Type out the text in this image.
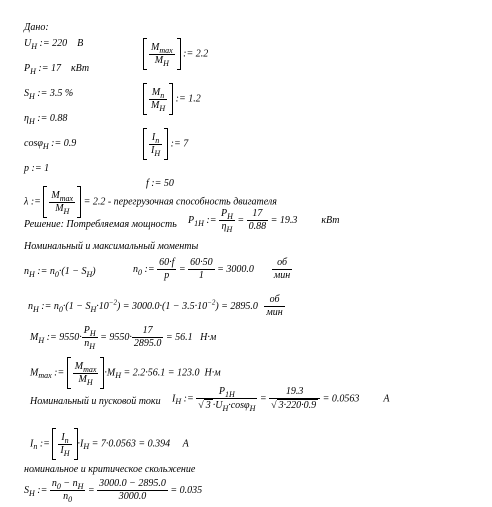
Дано:
$U_H$ := 220 B
$P_H$ := 17 кВт
$S_H$ := 3.5 %
$\eta_H$ := 0.88
cosφ$_H$ := 0.9
p := 1
$\frac{M_{max}}{M_H}$ := 2.2
$\frac{M_n}{M_H}$ := 1.2
$\frac{I_n}{I_H}$ := 7
f := 50
λ := $\frac{M_{max}}{M_H} = 2.2$ - перегрузочная способность двигателя
Решение: Потребляемая мощность $P_{1H}$ := $\frac{P_H}{\eta_H} = \frac{17}{0.88} = 19.3$ кВт
Номинальный и максимальный моменты
$n_H$ := $n_0\cdot(1 - S_H)$	$n_0$ := $\frac{60\cdot f}{p} = \frac{60\cdot 50}{1} = 3000.0 \frac{об}{\text{мин}}$
$n_H$ := $n_0\cdot(1 - S_H\cdot 10^{-2}) = 3000.0\cdot(1 - 3.5\cdot 10^{-2}) = 2895.0 \frac{об}{\text{мин}}$
$M_H$ := $9550\cdot \frac{P_H}{n_H} = 9550\cdot \frac{17}{2895.0} = 56.1$ Н·м
$M_{max}$ := $\frac{M_{max}}{M_H} \cdot M_H = 2.2\cdot 56.1 = 123.0$ Н·м
Номинальный и пусковой токи $I_H$ := $\frac{P_{1H}}{√ 3 \cdot U_H\cdot\cos\varphi_H} = \frac{19.3}{√ 3\cdot 220\cdot 0.9} = 0.0563$ A
$I_n$ := $\frac{I_n}{I_H} \cdot I_H = 7\cdot 0.0563 = 0.394$ A
номинальное и критическое скольжение
$S_H$ := $\frac{n_0 - n_H}{n_0} = \frac{3000.0 - 2895.0}{3000.0} = 0.035$
